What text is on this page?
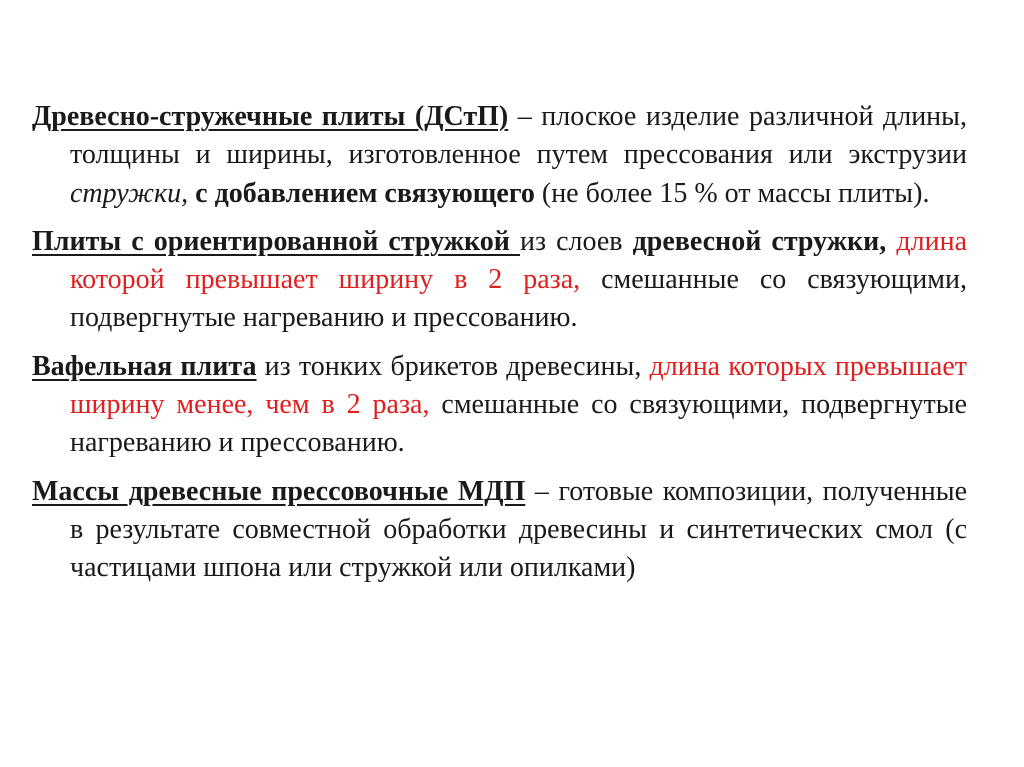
Древесно-стружечные плиты (ДСтП) – плоское изделие различной длины, толщины и ширины, изготовленное путем прессования или экструзии стружки, с добавлением связующего (не более 15 % от массы плиты).

Плиты с ориентированной стружкой из слоев древесной стружки, длина которой превышает ширину в 2 раза, смешанные со связующими, подвергнутые нагреванию и прессованию.

Вафельная плита из тонких брикетов древесины, длина которых превышает ширину менее, чем в 2 раза, смешанные со связующими, подвергнутые нагреванию и прессованию.

Массы древесные прессовочные МДП – готовые композиции, полученные в результате совместной обработки древесины и синтетических смол (с частицами шпона или стружкой или опилками)
